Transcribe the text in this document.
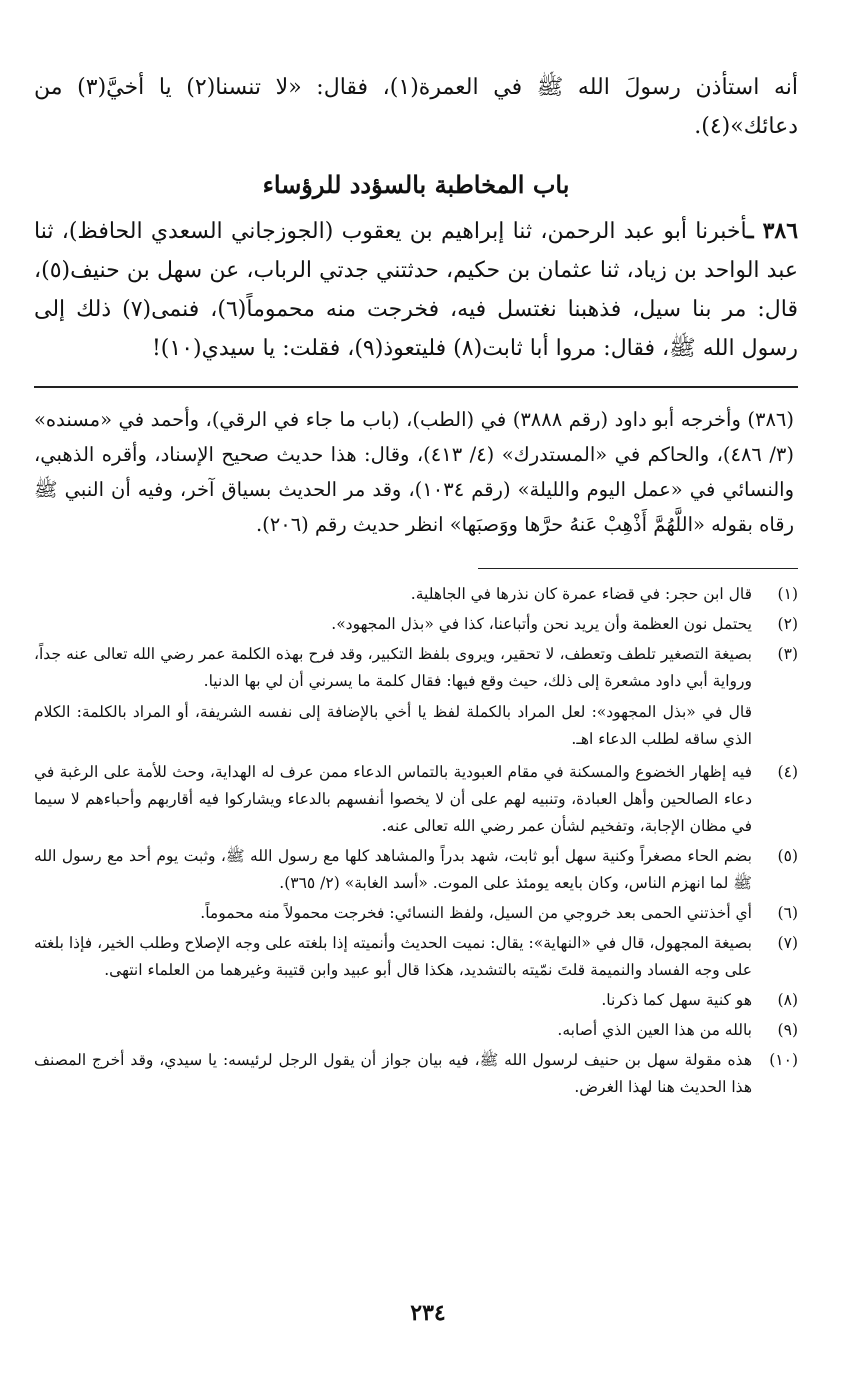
أنه استأذن رسولَ الله ﷺ في العمرة(١)، فقال: «لا تنسنا(٢) يا أخيَّ(٣) من دعائك»(٤).

باب المخاطبة بالسؤدد للرؤساء

٣٨٦ ـأخبرنا أبو عبد الرحمن، ثنا إبراهيم بن يعقوب (الجوزجاني السعدي الحافظ)، ثنا عبد الواحد بن زياد، ثنا عثمان بن حكيم، حدثتني جدتي الرباب، عن سهل بن حنيف(٥)، قال: مر بنا سيل، فذهبنا نغتسل فيه، فخرجت منه محموماً(٦)، فنمى(٧) ذلك إلى رسول الله ﷺ، فقال: مروا أبا ثابت(٨) فليتعوذ(٩)، فقلت: يا سيدي(١٠)!

(٣٨٦) وأخرجه أبو داود (رقم ٣٨٨٨) في (الطب)، (باب ما جاء في الرقي)، وأحمد في «مسنده» (٣/ ٤٨٦)، والحاكم في «المستدرك» (٤/ ٤١٣)، وقال: هذا حديث صحيح الإسناد، وأقره الذهبي، والنسائي في «عمل اليوم والليلة» (رقم ١٠٣٤)، وقد مر الحديث بسياق آخر، وفيه أن النبي ﷺ رقاه بقوله «اللَّهُمَّ أَذْهِبْ عَنهُ حرَّها ووَصبَها» انظر حديث رقم (٢٠٦).

(١)
قال ابن حجر: في قضاء عمرة كان نذرها في الجاهلية.

(٢)
يحتمل نون العظمة وأن يريد نحن وأتباعنا، كذا في «بذل المجهود».

(٣)
بصيغة التصغير تلطف وتعطف، لا تحقير، ويروى بلفظ التكبير، وقد فرح بهذه الكلمة عمر رضي الله تعالى عنه جداً، ورواية أبي داود مشعرة إلى ذلك، حيث وقع فيها: فقال كلمة ما يسرني أن لي بها الدنيا.

قال في «بذل المجهود»: لعل المراد بالكملة لفظ يا أخي بالإضافة إلى نفسه الشريفة، أو المراد بالكلمة: الكلام الذي ساقه لطلب الدعاء اهـ.

(٤)
فيه إظهار الخضوع والمسكنة في مقام العبودية بالتماس الدعاء ممن عرف له الهداية، وحث للأمة على الرغبة في دعاء الصالحين وأهل العبادة، وتنبيه لهم على أن لا يخصوا أنفسهم بالدعاء ويشاركوا فيه أقاربهم وأحباءهم لا سيما في مظان الإجابة، وتفخيم لشأن عمر رضي الله تعالى عنه.

(٥)
بضم الحاء مصغراً وكنية سهل أبو ثابت، شهد بدراً والمشاهد كلها مع رسول الله ﷺ، وثبت يوم أحد مع رسول الله ﷺ لما انهزم الناس، وكان بايعه يومئذ على الموت. «أسد الغابة» (٢/ ٣٦٥).

(٦)
أي أخذتني الحمى بعد خروجي من السيل، ولفظ النسائي: فخرجت محمولاً منه محموماً.

(٧)
بصيغة المجهول، قال في «النهاية»: يقال: نميت الحديث وأنميته إذا بلغته على وجه الإصلاح وطلب الخير، فإذا بلغته على وجه الفساد والنميمة قلتَ نمّيته بالتشديد، هكذا قال أبو عبيد وابن قتيبة وغيرهما من العلماء انتهى.

(٨)
هو كنية سهل كما ذكرنا.

(٩)
بالله من هذا العين الذي أصابه.

(١٠)
هذه مقولة سهل بن حنيف لرسول الله ﷺ، فيه بيان جواز أن يقول الرجل لرئيسه: يا سيدي، وقد أخرج المصنف هذا الحديث هنا لهذا الغرض.

٢٣٤
